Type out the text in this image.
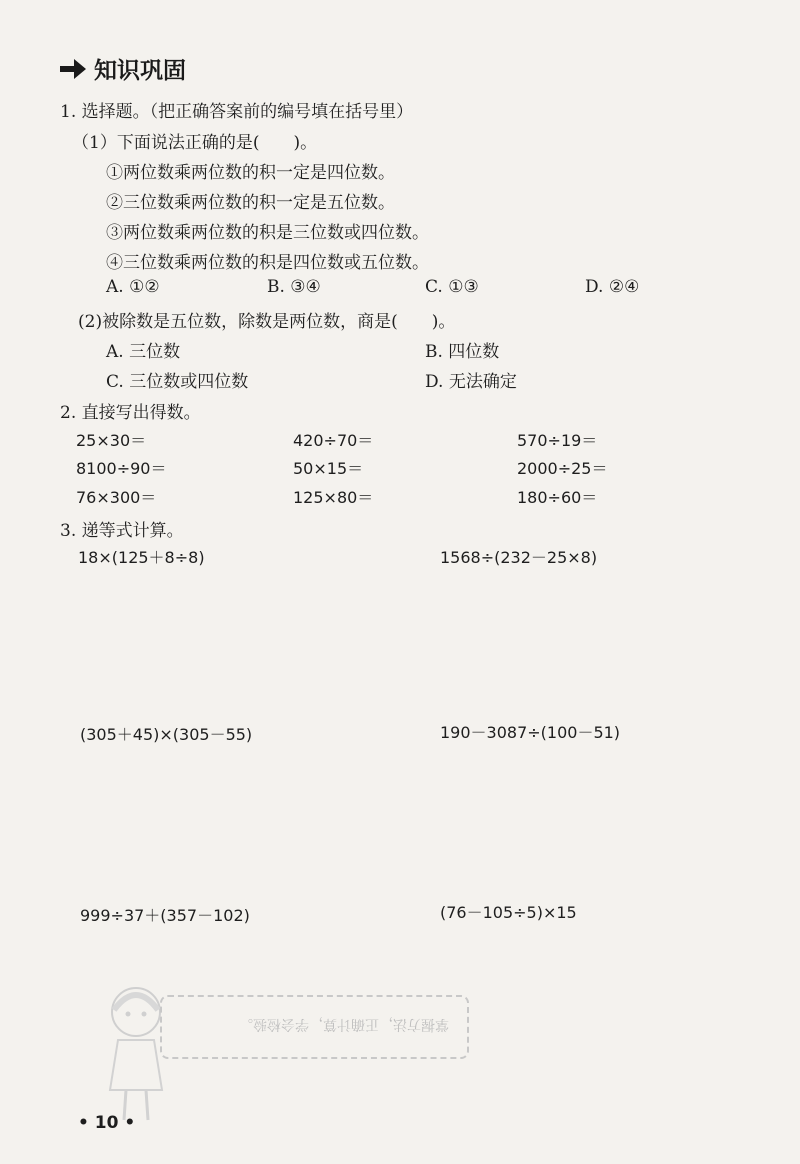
知识巩固
1. 选择题。（把正确答案前的编号填在括号里）
（1）下面说法正确的是(　　)。
①两位数乘两位数的积一定是四位数。
②三位数乘两位数的积一定是五位数。
③两位数乘两位数的积是三位数或四位数。
④三位数乘两位数的积是四位数或五位数。
A. ①②	B. ③④	C. ①③	D. ②④
(2)被除数是五位数，除数是两位数，商是(　　)。
A. 三位数	B. 四位数
C. 三位数或四位数	D. 无法确定
2. 直接写出得数。
25×30＝	420÷70＝	570÷19＝
8100÷90＝	50×15＝	2000÷25＝
76×300＝	125×80＝	180÷60＝
3. 递等式计算。
18×(125＋8÷8)	1568÷(232－25×8)
(305＋45)×(305－55)	190－3087÷(100－51)
999÷37＋(357－102)	(76－105÷5)×15
掌握方法，正确计算，学会检验。
• 10 •
